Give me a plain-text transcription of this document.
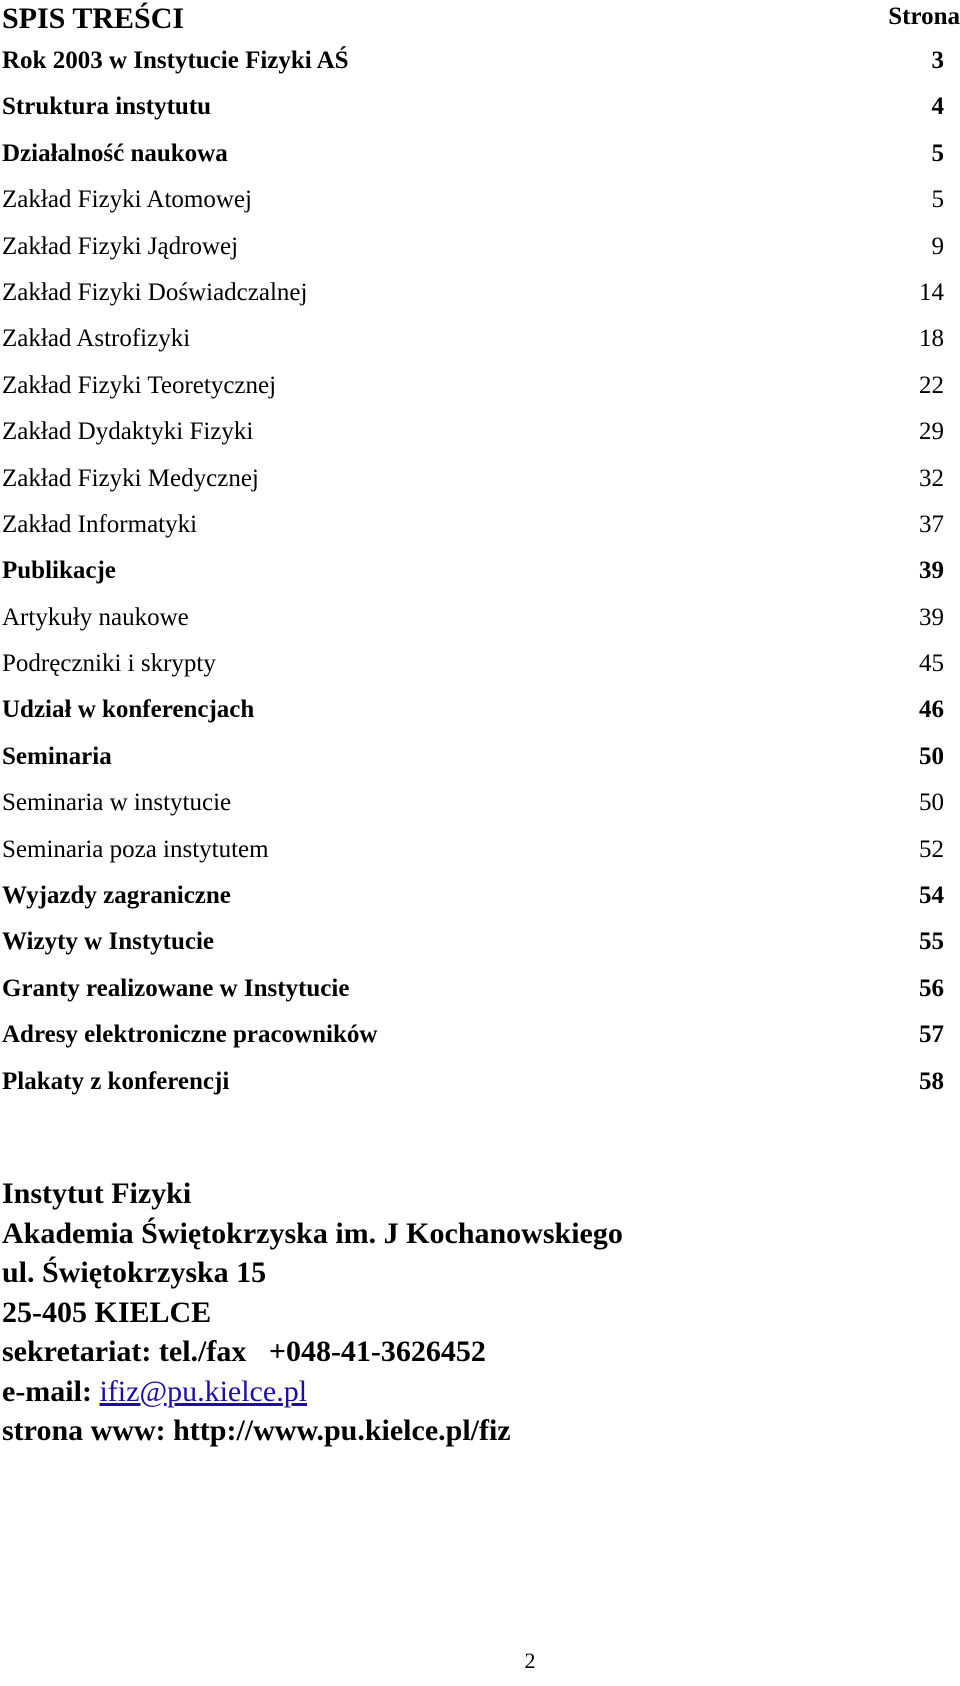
SPIS TREŚCI	Strona
Rok 2003 w Instytucie Fizyki AŚ	3
Struktura instytutu	4
Działalność naukowa	5
Zakład Fizyki Atomowej	5
Zakład Fizyki Jądrowej	9
Zakład Fizyki Doświadczalnej	14
Zakład Astrofizyki	18
Zakład Fizyki Teoretycznej	22
Zakład Dydaktyki Fizyki	29
Zakład Fizyki Medycznej	32
Zakład Informatyki	37
Publikacje	39
Artykuły naukowe	39
Podręczniki i skrypty	45
Udział w konferencjach	46
Seminaria	50
Seminaria w instytucie	50
Seminaria poza instytutem	52
Wyjazdy zagraniczne	54
Wizyty w Instytucie	55
Granty realizowane w Instytucie	56
Adresy elektroniczne pracowników	57
Plakaty z konferencji	58
Instytut Fizyki
Akademia Świętokrzyska im. J Kochanowskiego
ul. Świętokrzyska 15
25-405 KIELCE
sekretariat: tel./fax   +048-41-3626452
e-mail: ifiz@pu.kielce.pl
strona www: http://www.pu.kielce.pl/fiz
2
